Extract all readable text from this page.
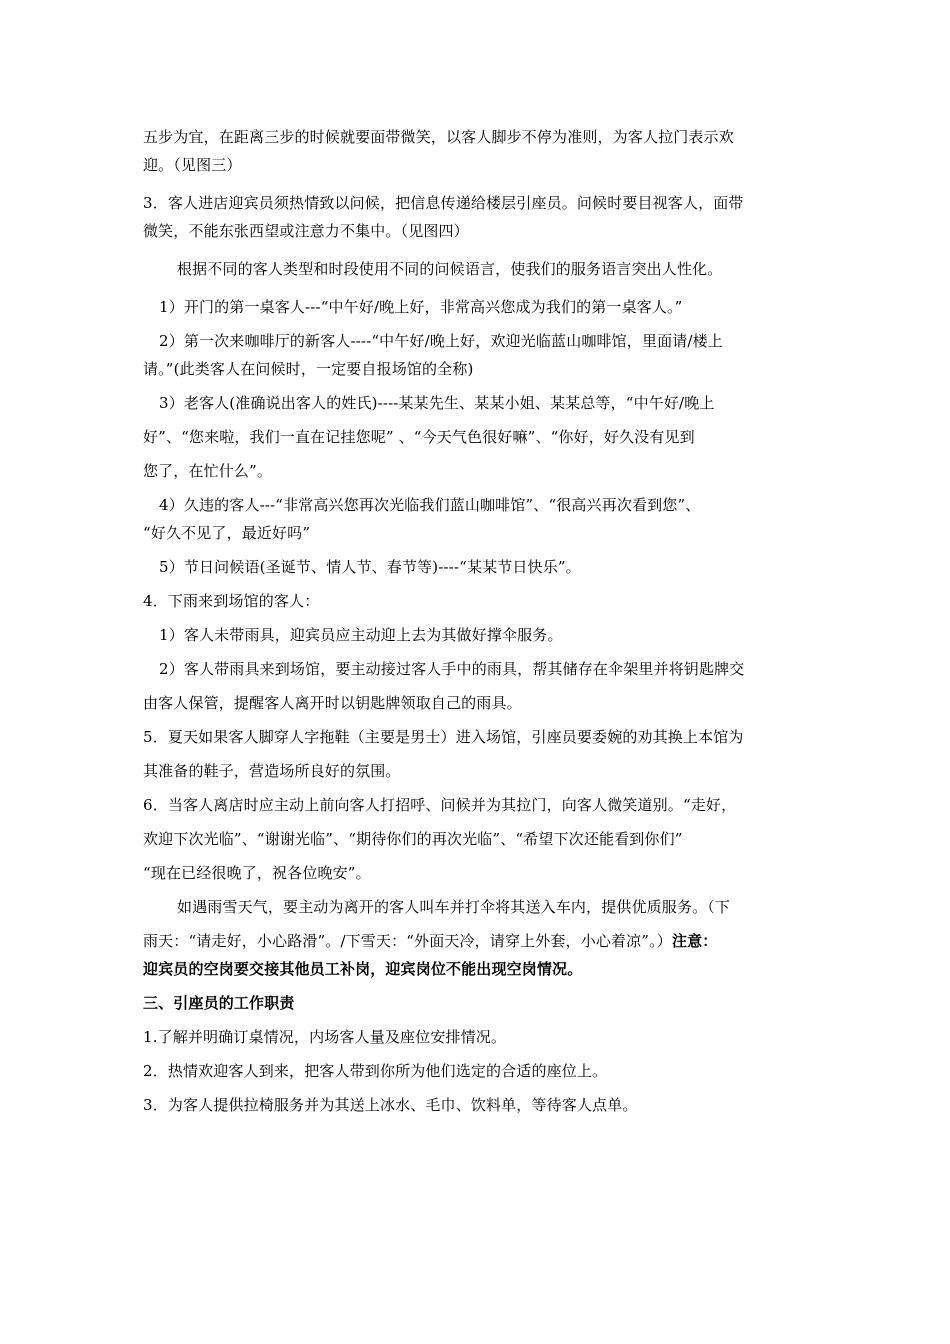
五步为宜，在距离三步的时候就要面带微笑，以客人脚步不停为准则，为客人拉门表示欢
迎。（见图三）
3．客人进店迎宾员须热情致以问候，把信息传递给楼层引座员。问候时要目视客人，面带
微笑，不能东张西望或注意力不集中。（见图四）
根据不同的客人类型和时段使用不同的问候语言，使我们的服务语言突出人性化。
1）开门的第一桌客人---“中午好/晚上好，非常高兴您成为我们的第一桌客人。”
2）第一次来咖啡厅的新客人----“中午好/晚上好，欢迎光临蓝山咖啡馆，里面请/楼上
请。”(此类客人在问候时，一定要自报场馆的全称)
3）老客人(准确说出客人的姓氏)----某某先生、某某小姐、某某总等，“中午好/晚上
好”、“您来啦，我们一直在记挂您呢” 、“今天气色很好嘛”、“你好，好久没有见到
您了，在忙什么”。
4）久违的客人---“非常高兴您再次光临我们蓝山咖啡馆”、“很高兴再次看到您”、
“好久不见了，最近好吗”
5）节日问候语(圣诞节、情人节、春节等)----“某某节日快乐”。
4．下雨来到场馆的客人：
1）客人未带雨具，迎宾员应主动迎上去为其做好撑伞服务。
2）客人带雨具来到场馆，要主动接过客人手中的雨具，帮其储存在伞架里并将钥匙牌交
由客人保管，提醒客人离开时以钥匙牌领取自己的雨具。
5．夏天如果客人脚穿人字拖鞋（主要是男士）进入场馆，引座员要委婉的劝其换上本馆为
其准备的鞋子，营造场所良好的氛围。
6．当客人离店时应主动上前向客人打招呼、问候并为其拉门，向客人微笑道别。“走好，
欢迎下次光临”、“谢谢光临”、“期待你们的再次光临”、“希望下次还能看到你们”
“现在已经很晚了，祝各位晚安”。
如遇雨雪天气，要主动为离开的客人叫车并打伞将其送入车内，提供优质服务。（下
雨天：“请走好，小心路滑”。/下雪天：“外面天冷，请穿上外套，小心着凉”。）注意：
迎宾员的空岗要交接其他员工补岗，迎宾岗位不能出现空岗情况。
三、引座员的工作职责
1.了解并明确订桌情况，内场客人量及座位安排情况。
2．热情欢迎客人到来，把客人带到你所为他们选定的合适的座位上。
3．为客人提供拉椅服务并为其送上冰水、毛巾、饮料单，等待客人点单。
